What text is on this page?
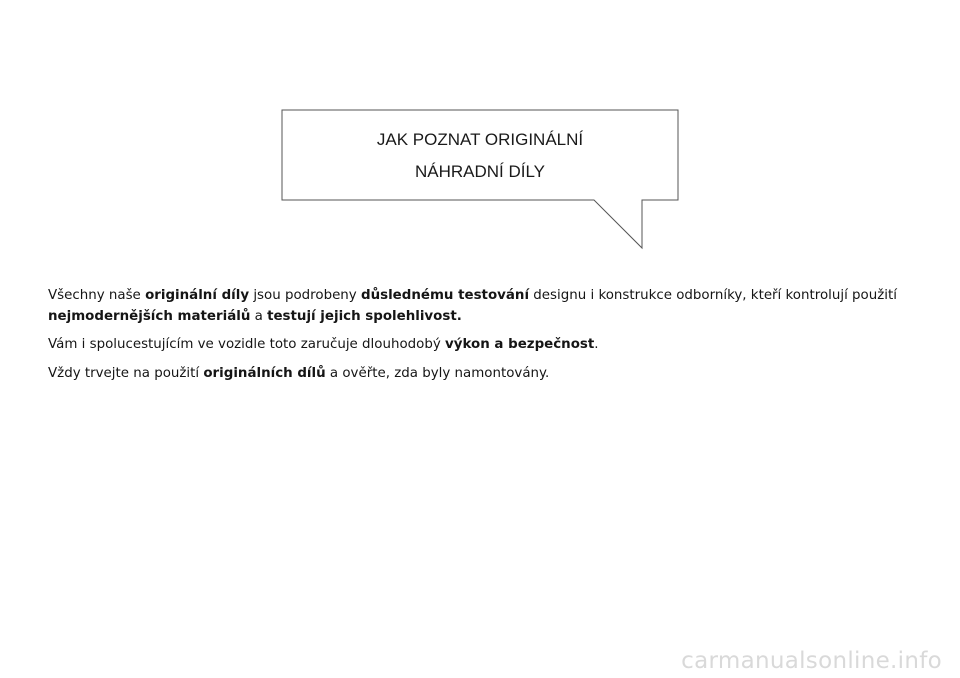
JAK POZNAT ORIGINÁLNÍ
NÁHRADNÍ DÍLY

Všechny naše originální díly jsou podrobeny důslednému testování designu i konstrukce odborníky, kteří kontrolují použití nejmodernějších materiálů a testují jejich spolehlivost.

Vám i spolucestujícím ve vozidle toto zaručuje dlouhodobý výkon a bezpečnost.

Vždy trvejte na použití originálních dílů a ověřte, zda byly namontovány.

carmanualsonline.info
